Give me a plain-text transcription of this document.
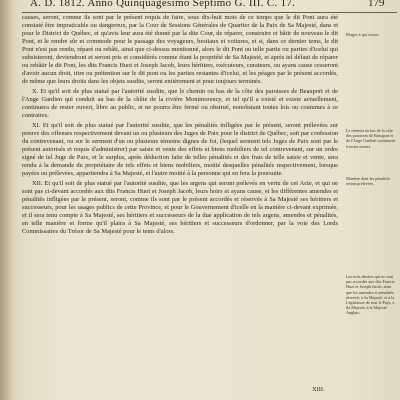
A. D. 1812. Anno Quinquagesimo Septimo G. III. C. 17.	179

causes, seront, comme ils sont par le présent requis de faire, sous dix-huit mois de ce temps que le dit Pont aura été constaté être impraticable ou dangereux, par la Cour de Sessions Générales de Quartier de la Paix de Sa Majesté, dans et pour le District de Québec, et qu'avis leur aura été donné par la dite Cour, de réparer, construire et bâtir de nouveau le dit Pont, et le rendre sûr et commode pour le passage des voyageurs, bestiaux et voitures, et si, dans ce dernier tems, le dit Pont n'est pas rendu, réparé ou rebâti, ainsi que ci-dessus mentionné, alors le dit Pont ou telle partie ou parties d'icelui qui subsisteront, deviendront et seront pris et considérés comme étant la propriété de Sa Majesté, et après tel défaut de réparer ou rebâtir le dit Pont, les dits Francis Huot et Joseph Jacob, leurs héritiers, exécuteurs, curateurs, ou ayans cause cesseront d'avoir aucun droit, titre ou prétention sur le dit pont ou les parties restantes d'icelui, et les péages par le présent accordés, de même que leurs droits dans les objets susdits, seront entièrement et pour toujours terminés.

X. Et qu'il soit de plus statué par l'autorité susdite, que le chemin ou bas de la côte des paroisses de Beauport et de l'Ange Gardien qui conduit au bas de la chûte de la rivière Montmorency, et tel qu'il a existé et existe actuellement, continuera de rester ouvert, libre au public, et ne pourra être fermé ou obstrué, nonobstant toutes lois ou coutumes à ce contraires.

XI. Et qu'il soit de plus statué par l'autorité susdite, que les pénalités infligées par le présent, seront prélevées sur preuve des offenses respectivement devant un ou plusieurs des Juges de Paix pour le district de Québec, soit par confession du contrevenant, ou sur le serment d'un ou plusieurs témoins dignes de foi, (lequel serment tels Juges de Paix sont par le présent autorisés et requis d'administrer) par saisie et vente des effets et biens mobiliers de tel contrevenant, sur un ordre signé de tel Juge de Paix, et le surplus, après déduction faite de telles pénalités et des frais de telle saisie et vente, sera rendu à la demande du propriétaire de tels effets et biens mobiliers, moitié desquelles pénalités respectivement, lorsque payées ou prélevées, appartiendra à Sa Majesté, et l'autre moitié à la personne qui en fera la poursuite.

XII. Et qu'il soit de plus statué par l'autorité susdite, que les argens qui seront prélevés en vertu de cet Acte, et qui ne sont pas ci-devant accordés aux dits Francis Huot et Joseph Jacob, leurs hoirs et ayans cause, et les différentes amendes et pénalités infligées par le présent, seront, comme ils sont par le présent accordés et réservés à Sa Majesté ses héritiers et successeurs, pour les usages publics de cette Province, et pour le Gouvernement d'icelle en la manière ci-devant exprimée, et il sera tenu compte à Sa Majesté, ses héritiers et successeurs de la due application de tels argens, amendes et pénalités, en telle manière et forme qu'il plaira à Sa Majesté, ses héritiers et successeurs d'ordonner, par la voie des Lords Commissaires du Trésor de Sa Majesté pour le tems d'alors.

Péages à qui cesser.
Le chemin ou bas de la côte des paroisses de Beauport et de l'Ange Gardien continuera à rester ouvert.
Manière dont les pénalités seront prélevées.
Les trois deniers qui ne sont pas accordés aux dits Francis Huot et Joseph Jacob, ainsi que les amendes et pénalités, réservés à Sa Majesté, et à la Législature de tout le Pays, à Sa Majesté, à la Majesté Anglais.
XIII.
